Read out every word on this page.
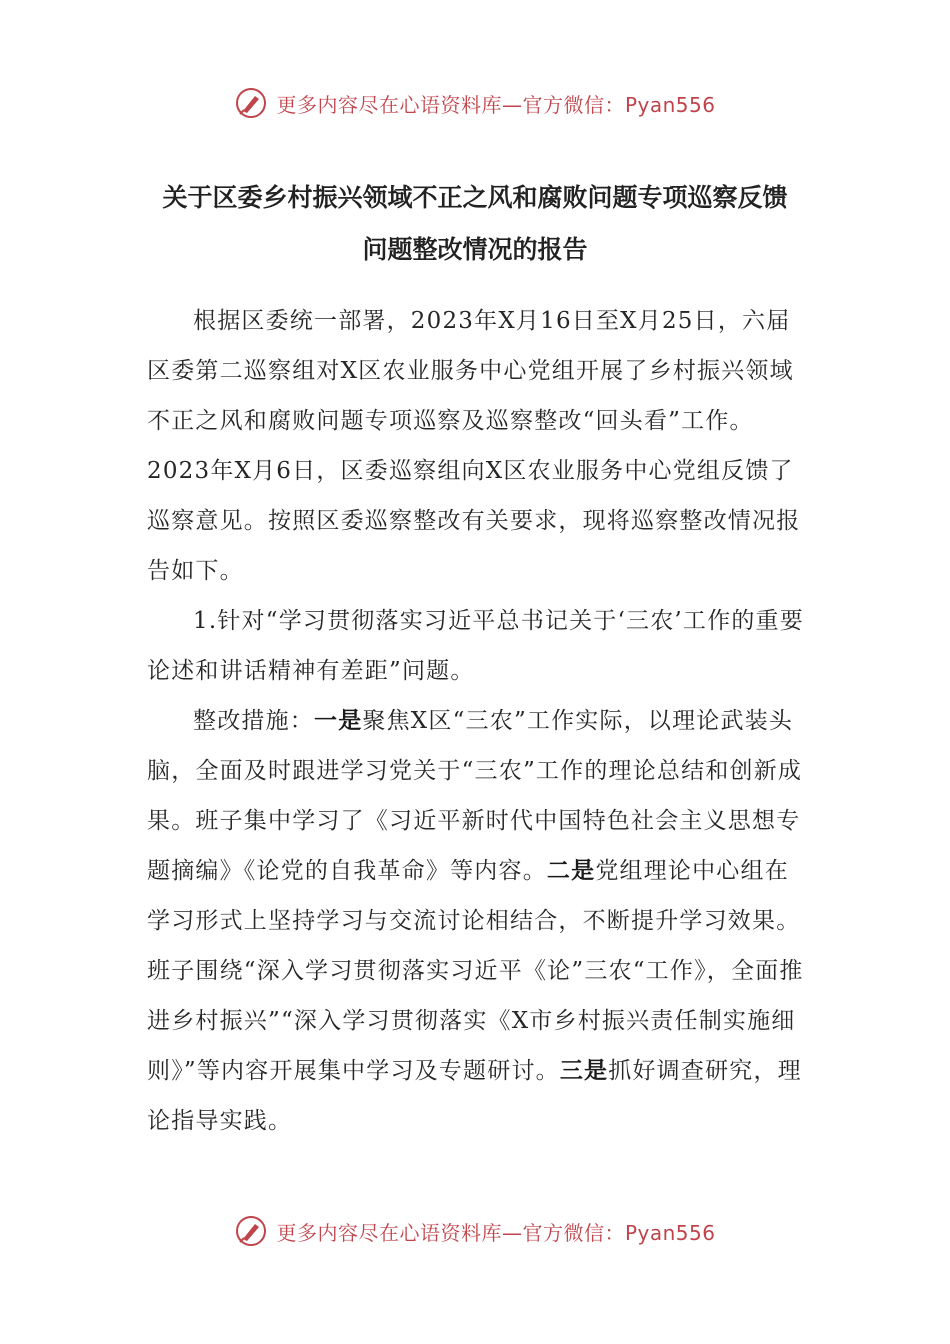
更多内容尽在心语资料库—官方微信：Pyan556
关于区委乡村振兴领域不正之风和腐败问题专项巡察反馈
问题整改情况的报告

根据区委统一部署，2023年X月16日至X月25日，六届区委第二巡察组对X区农业服务中心党组开展了乡村振兴领域不正之风和腐败问题专项巡察及巡察整改“回头看”工作。2023年X月6日，区委巡察组向X区农业服务中心党组反馈了巡察意见。按照区委巡察整改有关要求，现将巡察整改情况报告如下。

1.针对“学习贯彻落实习近平总书记关于‘三农’工作的重要论述和讲话精神有差距”问题。

整改措施：一是聚焦X区“三农”工作实际，以理论武装头脑，全面及时跟进学习党关于“三农”工作的理论总结和创新成果。班子集中学习了《习近平新时代中国特色社会主义思想专题摘编》《论党的自我革命》等内容。二是党组理论中心组在学习形式上坚持学习与交流讨论相结合，不断提升学习效果。班子围绕“深入学习贯彻落实习近平《论”三农“工作》，全面推进乡村振兴”“深入学习贯彻落实《X市乡村振兴责任制实施细则》”等内容开展集中学习及专题研讨。三是抓好调查研究，理论指导实践。

更多内容尽在心语资料库—官方微信：Pyan556
